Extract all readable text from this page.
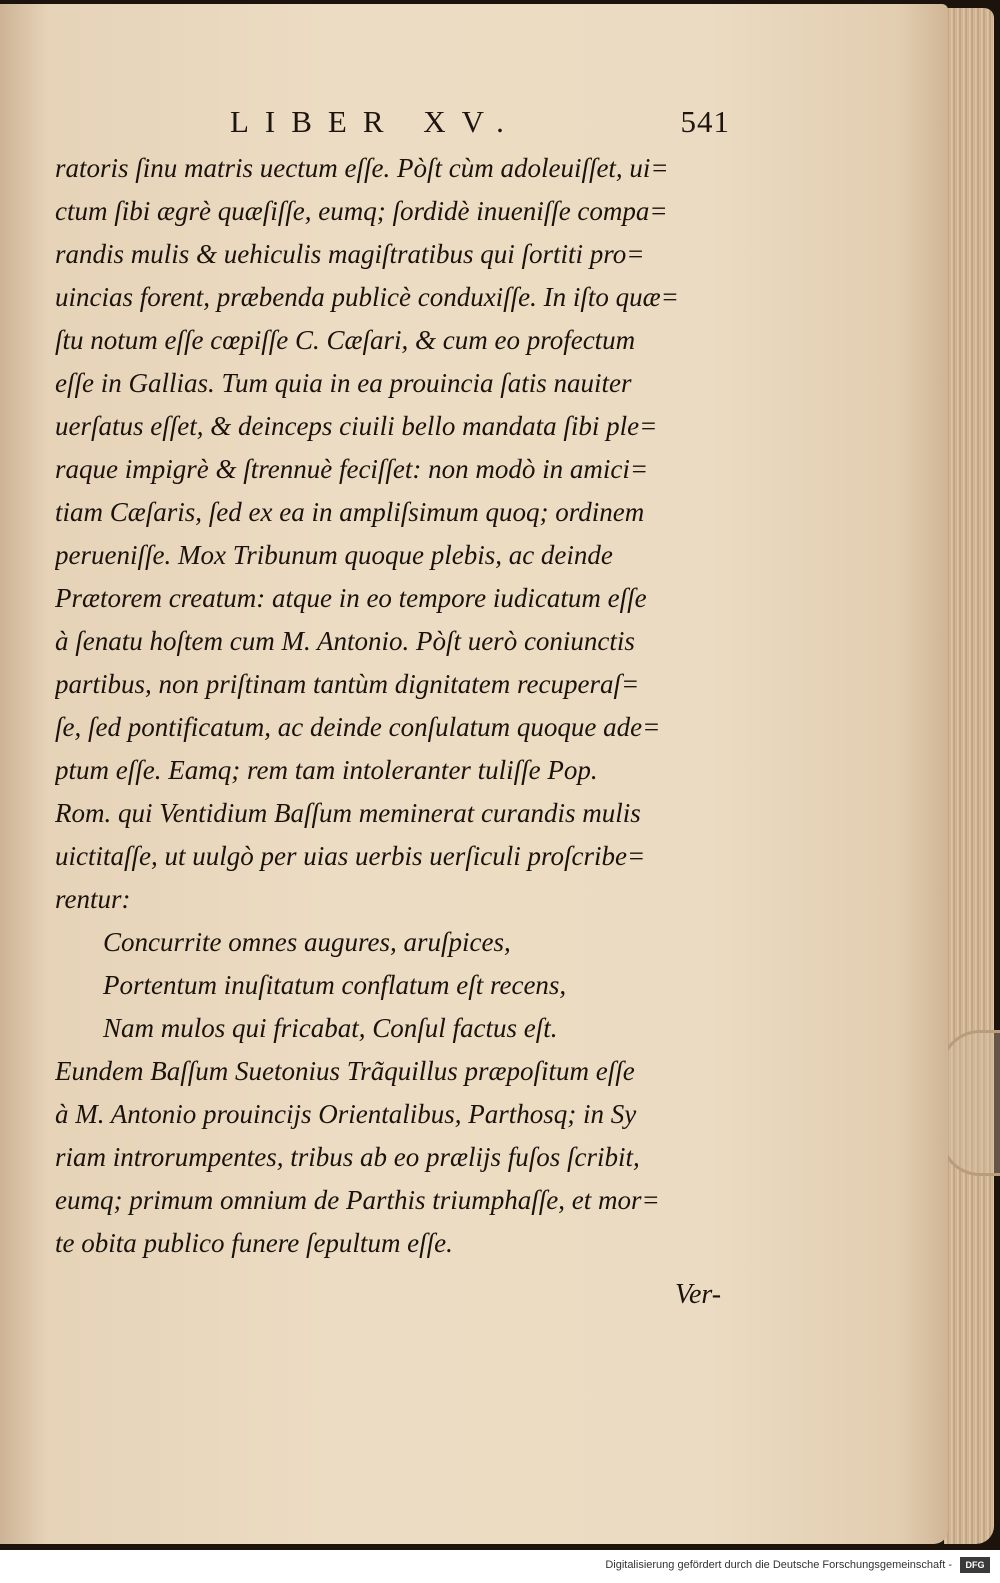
LIBER XV.	541
ratoris ſinu matris uectum eſſe. Pòſt cùm adoleuiſſet, ui=
ctum ſibi ægrè quæſiſſe, eumq; ſordidè inueniſſe compa=
randis mulis & uehiculis magiſtratibus qui ſortiti pro=
uincias forent, præbenda publicè conduxiſſe. In iſto quæ=
ſtu notum eſſe cœpiſſe C. Cæſari, & cum eo profectum
eſſe in Gallias. Tum quia in ea prouincia ſatis nauiter
uerſatus eſſet, & deinceps ciuili bello mandata ſibi ple=
raque impigrè & ſtrennuè feciſſet: non modò in amici=
tiam Cæſaris, ſed ex ea in ampliſsimum quoq; ordinem
perueniſſe. Mox Tribunum quoque plebis, ac deinde
Prætorem creatum: atque in eo tempore iudicatum eſſe
à ſenatu hoſtem cum M. Antonio. Pòſt uerò coniunctis
partibus, non priſtinam tantùm dignitatem recuperaſ=
ſe, ſed pontificatum, ac deinde conſulatum quoque ade=
ptum eſſe. Eamq; rem tam intoleranter tuliſſe Pop.
Rom. qui Ventidium Baſſum meminerat curandis mulis
uictitaſſe, ut uulgò per uias uerbis uerſiculi proſcribe=
rentur:
Concurrite omnes augures, aruſpices,
Portentum inuſitatum conflatum eſt recens,
Nam mulos qui fricabat, Conſul factus eſt.
Eundem Baſſum Suetonius Trãquillus præpoſitum eſſe
à M. Antonio prouincijs Orientalibus, Parthosq; in Sy
riam introrumpentes, tribus ab eo prælijs fuſos ſcribit,
eumq; primum omnium de Parthis triumphaſſe, et mor=
te obita publico funere ſepultum eſſe.
Ver-
Digitalisierung gefördert durch die Deutsche Forschungsgemeinschaft -	DFG
